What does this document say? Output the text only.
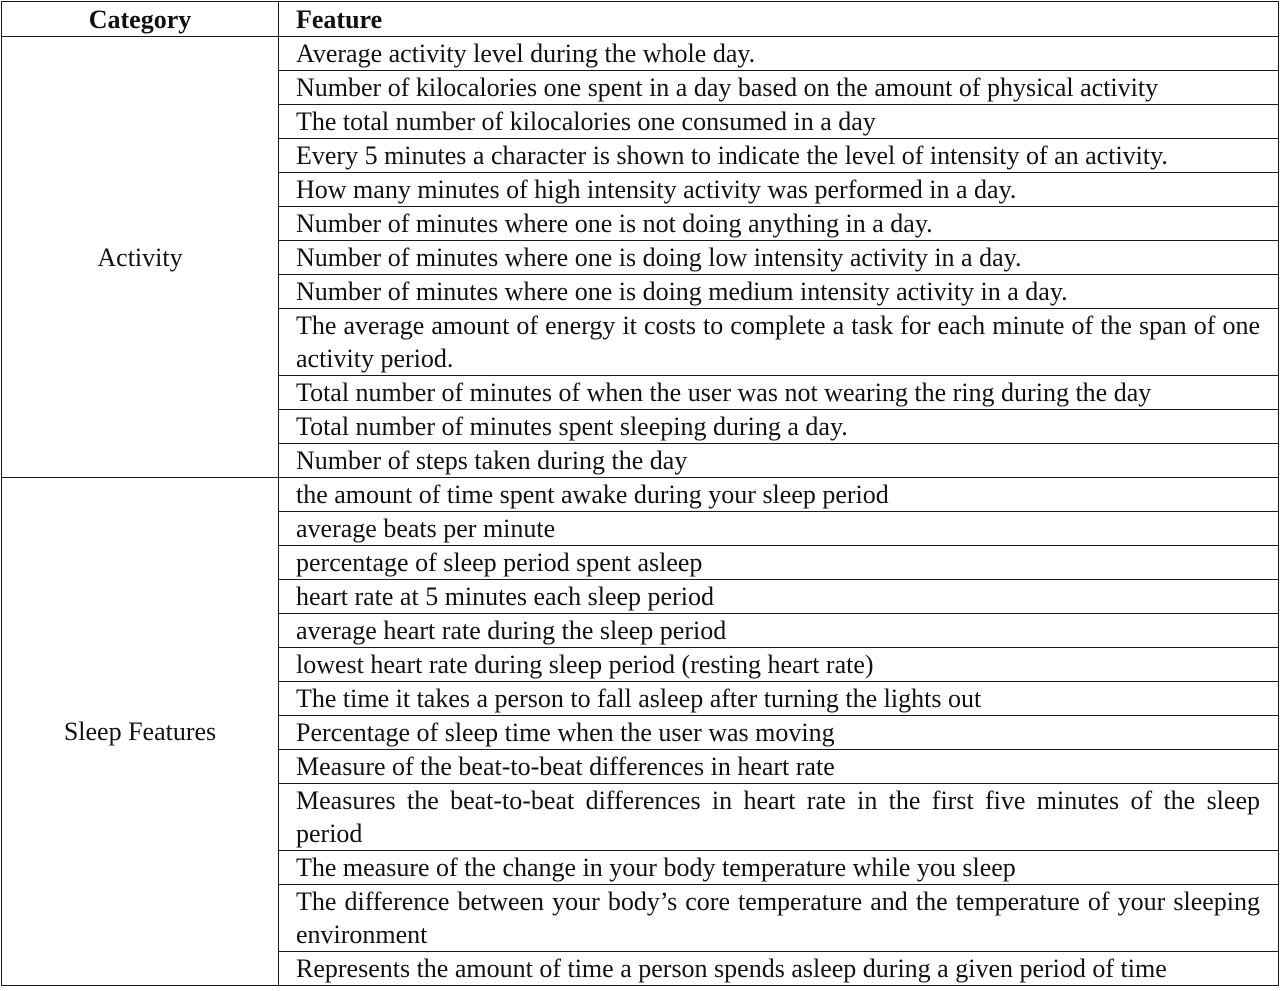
Category	Feature
Activity	Average activity level during the whole day.
	Number of kilocalories one spent in a day based on the amount of physical activity
	The total number of kilocalories one consumed in a day
	Every 5 minutes a character is shown to indicate the level of intensity of an activity.
	How many minutes of high intensity activity was performed in a day.
	Number of minutes where one is not doing anything in a day.
	Number of minutes where one is doing low intensity activity in a day.
	Number of minutes where one is doing medium intensity activity in a day.
	The average amount of energy it costs to complete a task for each minute of the span of one activity period.
	Total number of minutes of when the user was not wearing the ring during the day
	Total number of minutes spent sleeping during a day.
	Number of steps taken during the day
Sleep Features	the amount of time spent awake during your sleep period
	average beats per minute
	percentage of sleep period spent asleep
	heart rate at 5 minutes each sleep period
	average heart rate during the sleep period
	lowest heart rate during sleep period (resting heart rate)
	The time it takes a person to fall asleep after turning the lights out
	Percentage of sleep time when the user was moving
	Measure of the beat-to-beat differences in heart rate
	Measures the beat-to-beat differences in heart rate in the first five minutes of the sleep period
	The measure of the change in your body temperature while you sleep
	The difference between your body’s core temperature and the temperature of your sleeping environment
	Represents the amount of time a person spends asleep during a given period of time
